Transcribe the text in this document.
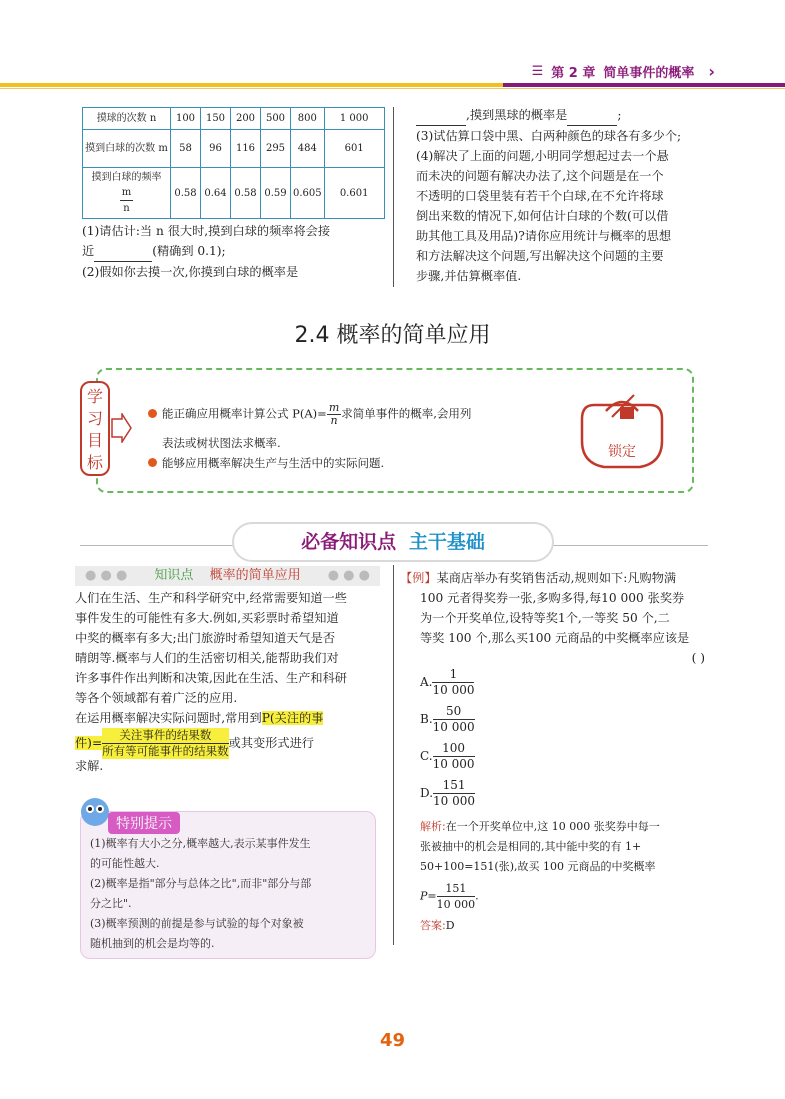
☰ 第 2 章 简单事件的概率 ›
摸球的次数 n	100	150	200	500	800	1 000
摸到白球的次数 m	58	96	116	295	484	601
摸到白球的频率
$\frac{m}{n}$	0.58	0.64	0.58	0.59	0.605	0.601
(1)请估计:当 n 很大时,摸到白球的频率将会接
近	(精确到 0.1);
(2)假如你去摸一次,你摸到白球的概率是
,摸到黑球的概率是	;
(3)试估算口袋中黑、白两种颜色的球各有多少个;
(4)解决了上面的问题,小明同学想起过去一个悬
而未决的问题有解决办法了,这个问题是在一个
不透明的口袋里装有若干个白球,在不允许将球
倒出来数的情况下,如何估计白球的个数(可以借
助其他工具及用品)?请你应用统计与概率的思想
和方法解决这个问题,写出解决这个问题的主要
步骤,并估算概率值.
2.4 概率的简单应用
学
习
目
标
能正确应用概率计算公式 $P(A)= \frac{m}{n}$ 求简单事件的概率,会用列
表法或树状图法求概率.
能够应用概率解决生产与生活中的实际问题.
锁定
必备知识点 主干基础
● ● ● 知识点 概率的简单应用 ● ● ●
人们在生活、生产和科学研究中,经常需要知道一些
事件发生的可能性有多大.例如,买彩票时希望知道
中奖的概率有多大;出门旅游时希望知道天气是否
晴朗等.概率与人们的生活密切相关,能帮助我们对
许多事件作出判断和决策,因此在生活、生产和科研
等各个领域都有着广泛的应用.
在运用概率解决实际问题时,常用到P(关注的事
件)= $\frac{\text{关注事件的结果数}}{\text{所有等可能事件的结果数}}$ 或其变形式进行
求解.
特别提示
(1)概率有大小之分,概率越大,表示某事件发生
的可能性越大.
(2)概率是指"部分与总体之比",而非"部分与部
分之比".
(3)概率预测的前提是参与试验的每个对象被
随机抽到的机会是均等的.
【例】某商店举办有奖销售活动,规则如下:凡购物满
100 元者得奖券一张,多购多得,每10 000 张奖券
为一个开奖单位,设特等奖1个,一等奖 50 个,二
等奖 100 个,那么买100 元商品的中奖概率应该是
( )
A. $\frac{1}{10 000}$
B. $\frac{50}{10 000}$
C. $\frac{100}{10 000}$
D. $\frac{151}{10 000}$
解析:在一个开奖单位中,这 10 000 张奖券中每一
张被抽中的机会是相同的,其中能中奖的有 1+
50+100=151(张),故买 100 元商品的中奖概率
$P= \frac{151}{10 000}$ .
答案:D
49
